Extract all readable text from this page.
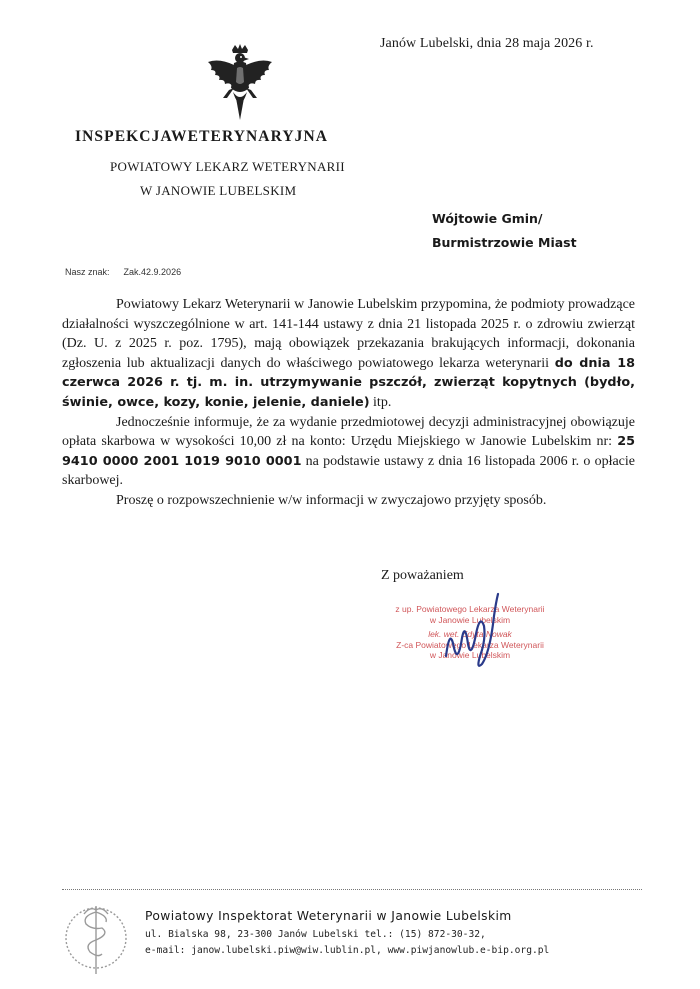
Janów Lubelski, dnia 28 maja 2026 r.
INSPEKCJAWETERYNARYJNA
POWIATOWY LEKARZ WETERYNARII
W JANOWIE LUBELSKIM
Wójtowie Gmin/
Burmistrzowie Miast
Nasz znak: Zak.42.9.2026

Powiatowy Lekarz Weterynarii w Janowie Lubelskim przypomina, że podmioty prowadzące działalności wyszczególnione w art. 141-144 ustawy z dnia 21 listopada 2025 r. o zdrowiu zwierząt (Dz. U. z 2025 r. poz. 1795), mają obowiązek przekazania brakujących informacji, dokonania zgłoszenia lub aktualizacji danych do właściwego powiatowego lekarza weterynarii do dnia 18 czerwca 2026 r. tj. m. in. utrzymywanie pszczół, zwierząt kopytnych (bydło, świnie, owce, kozy, konie, jelenie, daniele) itp.

Jednocześnie informuje, że za wydanie przedmiotowej decyzji administracyjnej obowiązuje opłata skarbowa w wysokości 10,00 zł na konto: Urzędu Miejskiego w Janowie Lubelskim nr: 25 9410 0000 2001 1019 9010 0001 na podstawie ustawy z dnia 16 listopada 2006 r. o opłacie skarbowej.

Proszę o rozpowszechnienie w/w informacji w zwyczajowo przyjęty sposób.

Z poważaniem
z up. Powiatowego Lekarza Weterynarii
w Janowie Lubelskim
lek. wet. Edyta Nowak
Z-ca Powiatowego Lekarza Weterynarii
w Janowie Lubelskim
Powiatowy Inspektorat Weterynarii w Janowie Lubelskim
ul. Bialska 98, 23-300 Janów Lubelski tel.: (15) 872-30-32,
e-mail: janow.lubelski.piw@wiw.lublin.pl, www.piwjanowlub.e-bip.org.pl
